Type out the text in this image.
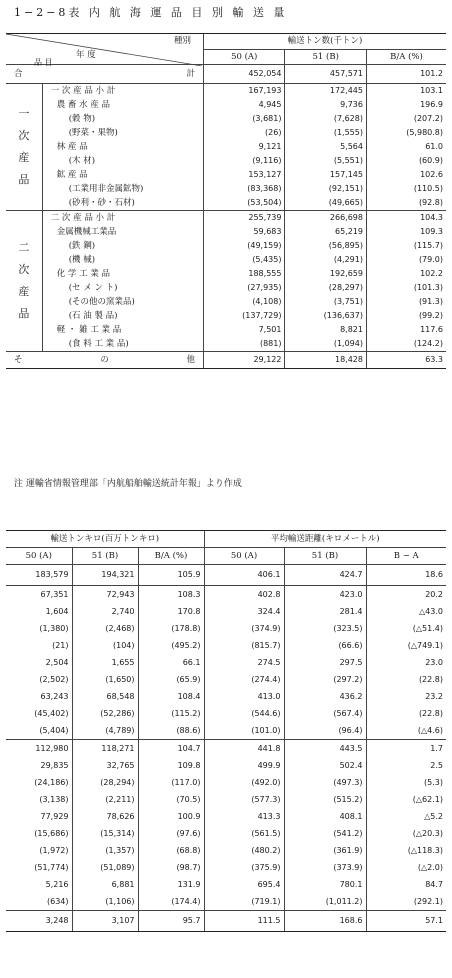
1−2−8表 内 航 海 運 品 目 別 輸 送 量
種別
年 度
品 目		輸送トン数(千トン)		
		50 (A)	51 (B)	B/A (%)
合 計		452,054	457,571	101.2

一
次
産
品	一 次 産 品 小 計	167,193	172,445	103.1
	農 畜 水 産 品	4,945	9,736	196.9
	(穀 物)	(3,681)	(7,628)	(207.2)
	(野菜・果物)	(26)	(1,555)	(5,980.8)
	林 産 品	9,121	5,564	61.0
	(木 材)	(9,116)	(5,551)	(60.9)
	鉱 産 品	153,127	157,145	102.6
	(工業用非金属鉱物)	(83,368)	(92,151)	(110.5)
	(砂利・砂・石材)	(53,504)	(49,665)	(92.8)

二
次
産
品	二 次 産 品 小 計	255,739	266,698	104.3
	金属機械工業品	59,683	65,219	109.3
	(鉄 鋼)	(49,159)	(56,895)	(115.7)
	(機 械)	(5,435)	(4,291)	(79.0)
	化 学 工 業 品	188,555	192,659	102.2
	(セ メ ン ト)	(27,935)	(28,297)	(101.3)
	(その他の窯業品)	(4,108)	(3,751)	(91.3)
	(石 油 製 品)	(137,729)	(136,637)	(99.2)
	軽 ・ 雑 工 業 品	7,501	8,821	117.6
	(食 料 工 業 品)	(881)	(1,094)	(124.2)
そ の 他		29,122	18,428	63.3
注 運輸省情報管理部「内航船舶輸送統計年報」より作成
輸送トンキロ(百万トンキロ)			平均輸送距離(キロメートル)		
50 (A)	51 (B)	B/A (%)	50 (A)	51 (B)	B − A
183,579	194,321	105.9	406.1	424.7	18.6
67,351	72,943	108.3	402.8	423.0	20.2
1,604	2,740	170.8	324.4	281.4	△43.0
(1,380)	(2,468)	(178.8)	(374.9)	(323.5)	(△51.4)
(21)	(104)	(495.2)	(815.7)	(66.6)	(△749.1)
2,504	1,655	66.1	274.5	297.5	23.0
(2,502)	(1,650)	(65.9)	(274.4)	(297.2)	(22.8)
63,243	68,548	108.4	413.0	436.2	23.2
(45,402)	(52,286)	(115.2)	(544.6)	(567.4)	(22.8)
(5,404)	(4,789)	(88.6)	(101.0)	(96.4)	(△4.6)
112,980	118,271	104.7	441.8	443.5	1.7
29,835	32,765	109.8	499.9	502.4	2.5
(24,186)	(28,294)	(117.0)	(492.0)	(497.3)	(5.3)
(3,138)	(2,211)	(70.5)	(577.3)	(515.2)	(△62.1)
77,929	78,626	100.9	413.3	408.1	△5.2
(15,686)	(15,314)	(97.6)	(561.5)	(541.2)	(△20.3)
(1,972)	(1,357)	(68.8)	(480.2)	(361.9)	(△118.3)
(51,774)	(51,089)	(98.7)	(375.9)	(373.9)	(△2.0)
5,216	6,881	131.9	695.4	780.1	84.7
(634)	(1,106)	(174.4)	(719.1)	(1,011.2)	(292.1)
3,248	3,107	95.7	111.5	168.6	57.1
